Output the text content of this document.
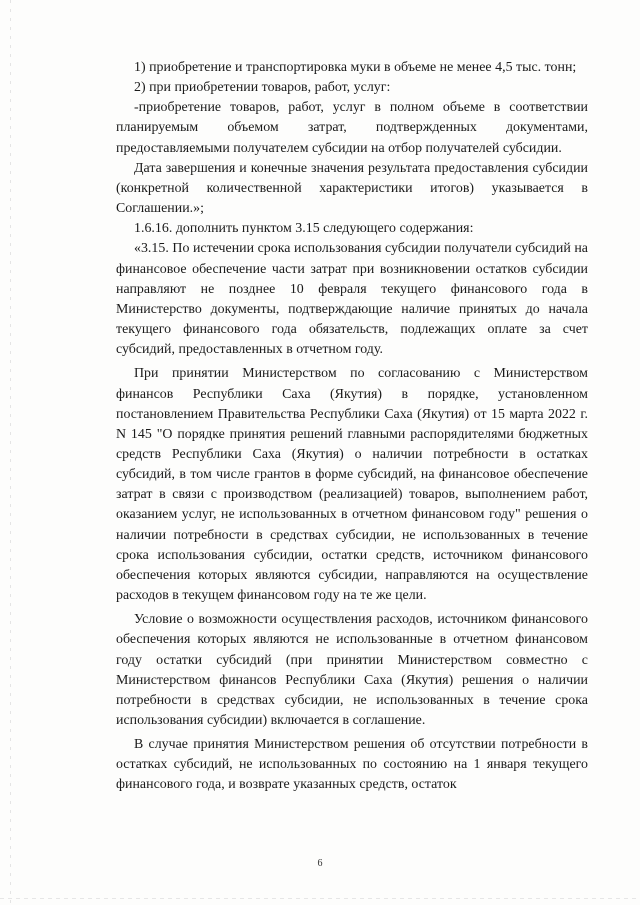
1) приобретение и транспортировка муки в объеме не менее 4,5 тыс. тонн;

2) при приобретении товаров, работ, услуг:

-приобретение товаров, работ, услуг в полном объеме в соответствии планируемым объемом затрат, подтвержденных документами, предоставляемыми получателем субсидии на отбор получателей субсидии.

Дата завершения и конечные значения результата предоставления субсидии (конкретной количественной характеристики итогов) указывается в Соглашении.»;

1.6.16. дополнить пунктом 3.15 следующего содержания:

«3.15. По истечении срока использования субсидии получатели субсидий на финансовое обеспечение части затрат при возникновении остатков субсидии направляют не позднее 10 февраля текущего финансового года в Министерство документы, подтверждающие наличие принятых до начала текущего финансового года обязательств, подлежащих оплате за счет субсидий, предоставленных в отчетном году.

При принятии Министерством по согласованию с Министерством финансов Республики Саха (Якутия) в порядке, установленном постановлением Правительства Республики Саха (Якутия) от 15 марта 2022 г. N 145 "О порядке принятия решений главными распорядителями бюджетных средств Республики Саха (Якутия) о наличии потребности в остатках субсидий, в том числе грантов в форме субсидий, на финансовое обеспечение затрат в связи с производством (реализацией) товаров, выполнением работ, оказанием услуг, не использованных в отчетном финансовом году" решения о наличии потребности в средствах субсидии, не использованных в течение срока использования субсидии, остатки средств, источником финансового обеспечения которых являются субсидии, направляются на осуществление расходов в текущем финансовом году на те же цели.

Условие о возможности осуществления расходов, источником финансового обеспечения которых являются не использованные в отчетном финансовом году остатки субсидий (при принятии Министерством совместно с Министерством финансов Республики Саха (Якутия) решения о наличии потребности в средствах субсидии, не использованных в течение срока использования субсидии) включается в соглашение.

В случае принятия Министерством решения об отсутствии потребности в остатках субсидий, не использованных по состоянию на 1 января текущего финансового года, и возврате указанных средств, остаток

6
